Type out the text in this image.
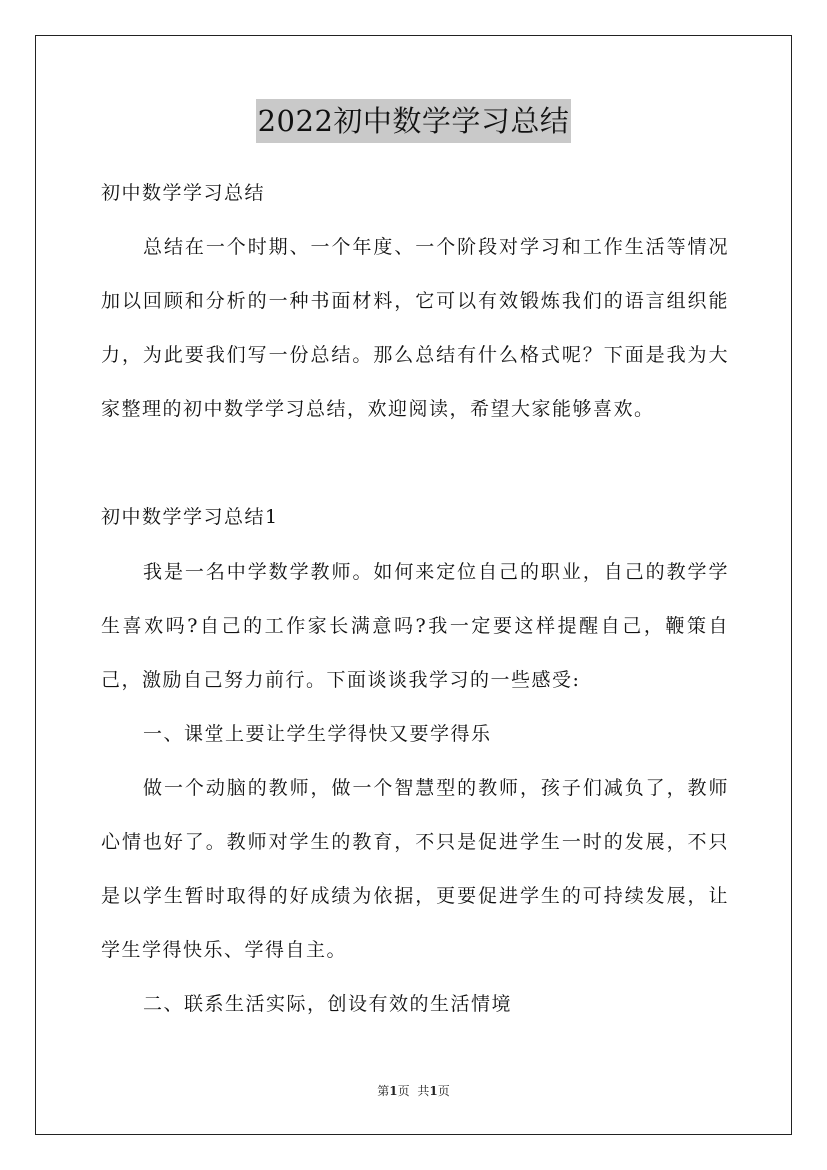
2022初中数学学习总结
初中数学学习总结

总结在一个时期、一个年度、一个阶段对学习和工作生活等情况加以回顾和分析的一种书面材料，它可以有效锻炼我们的语言组织能力，为此要我们写一份总结。那么总结有什么格式呢？下面是我为大家整理的初中数学学习总结，欢迎阅读，希望大家能够喜欢。

初中数学学习总结1

我是一名中学数学教师。如何来定位自己的职业，自己的教学学生喜欢吗?自己的工作家长满意吗?我一定要这样提醒自己，鞭策自己，激励自己努力前行。下面谈谈我学习的一些感受:

一、课堂上要让学生学得快又要学得乐

做一个动脑的教师，做一个智慧型的教师，孩子们减负了，教师心情也好了。教师对学生的教育，不只是促进学生一时的发展，不只是以学生暂时取得的好成绩为依据，更要促进学生的可持续发展，让学生学得快乐、学得自主。

二、联系生活实际，创设有效的生活情境
第1页 共1页
